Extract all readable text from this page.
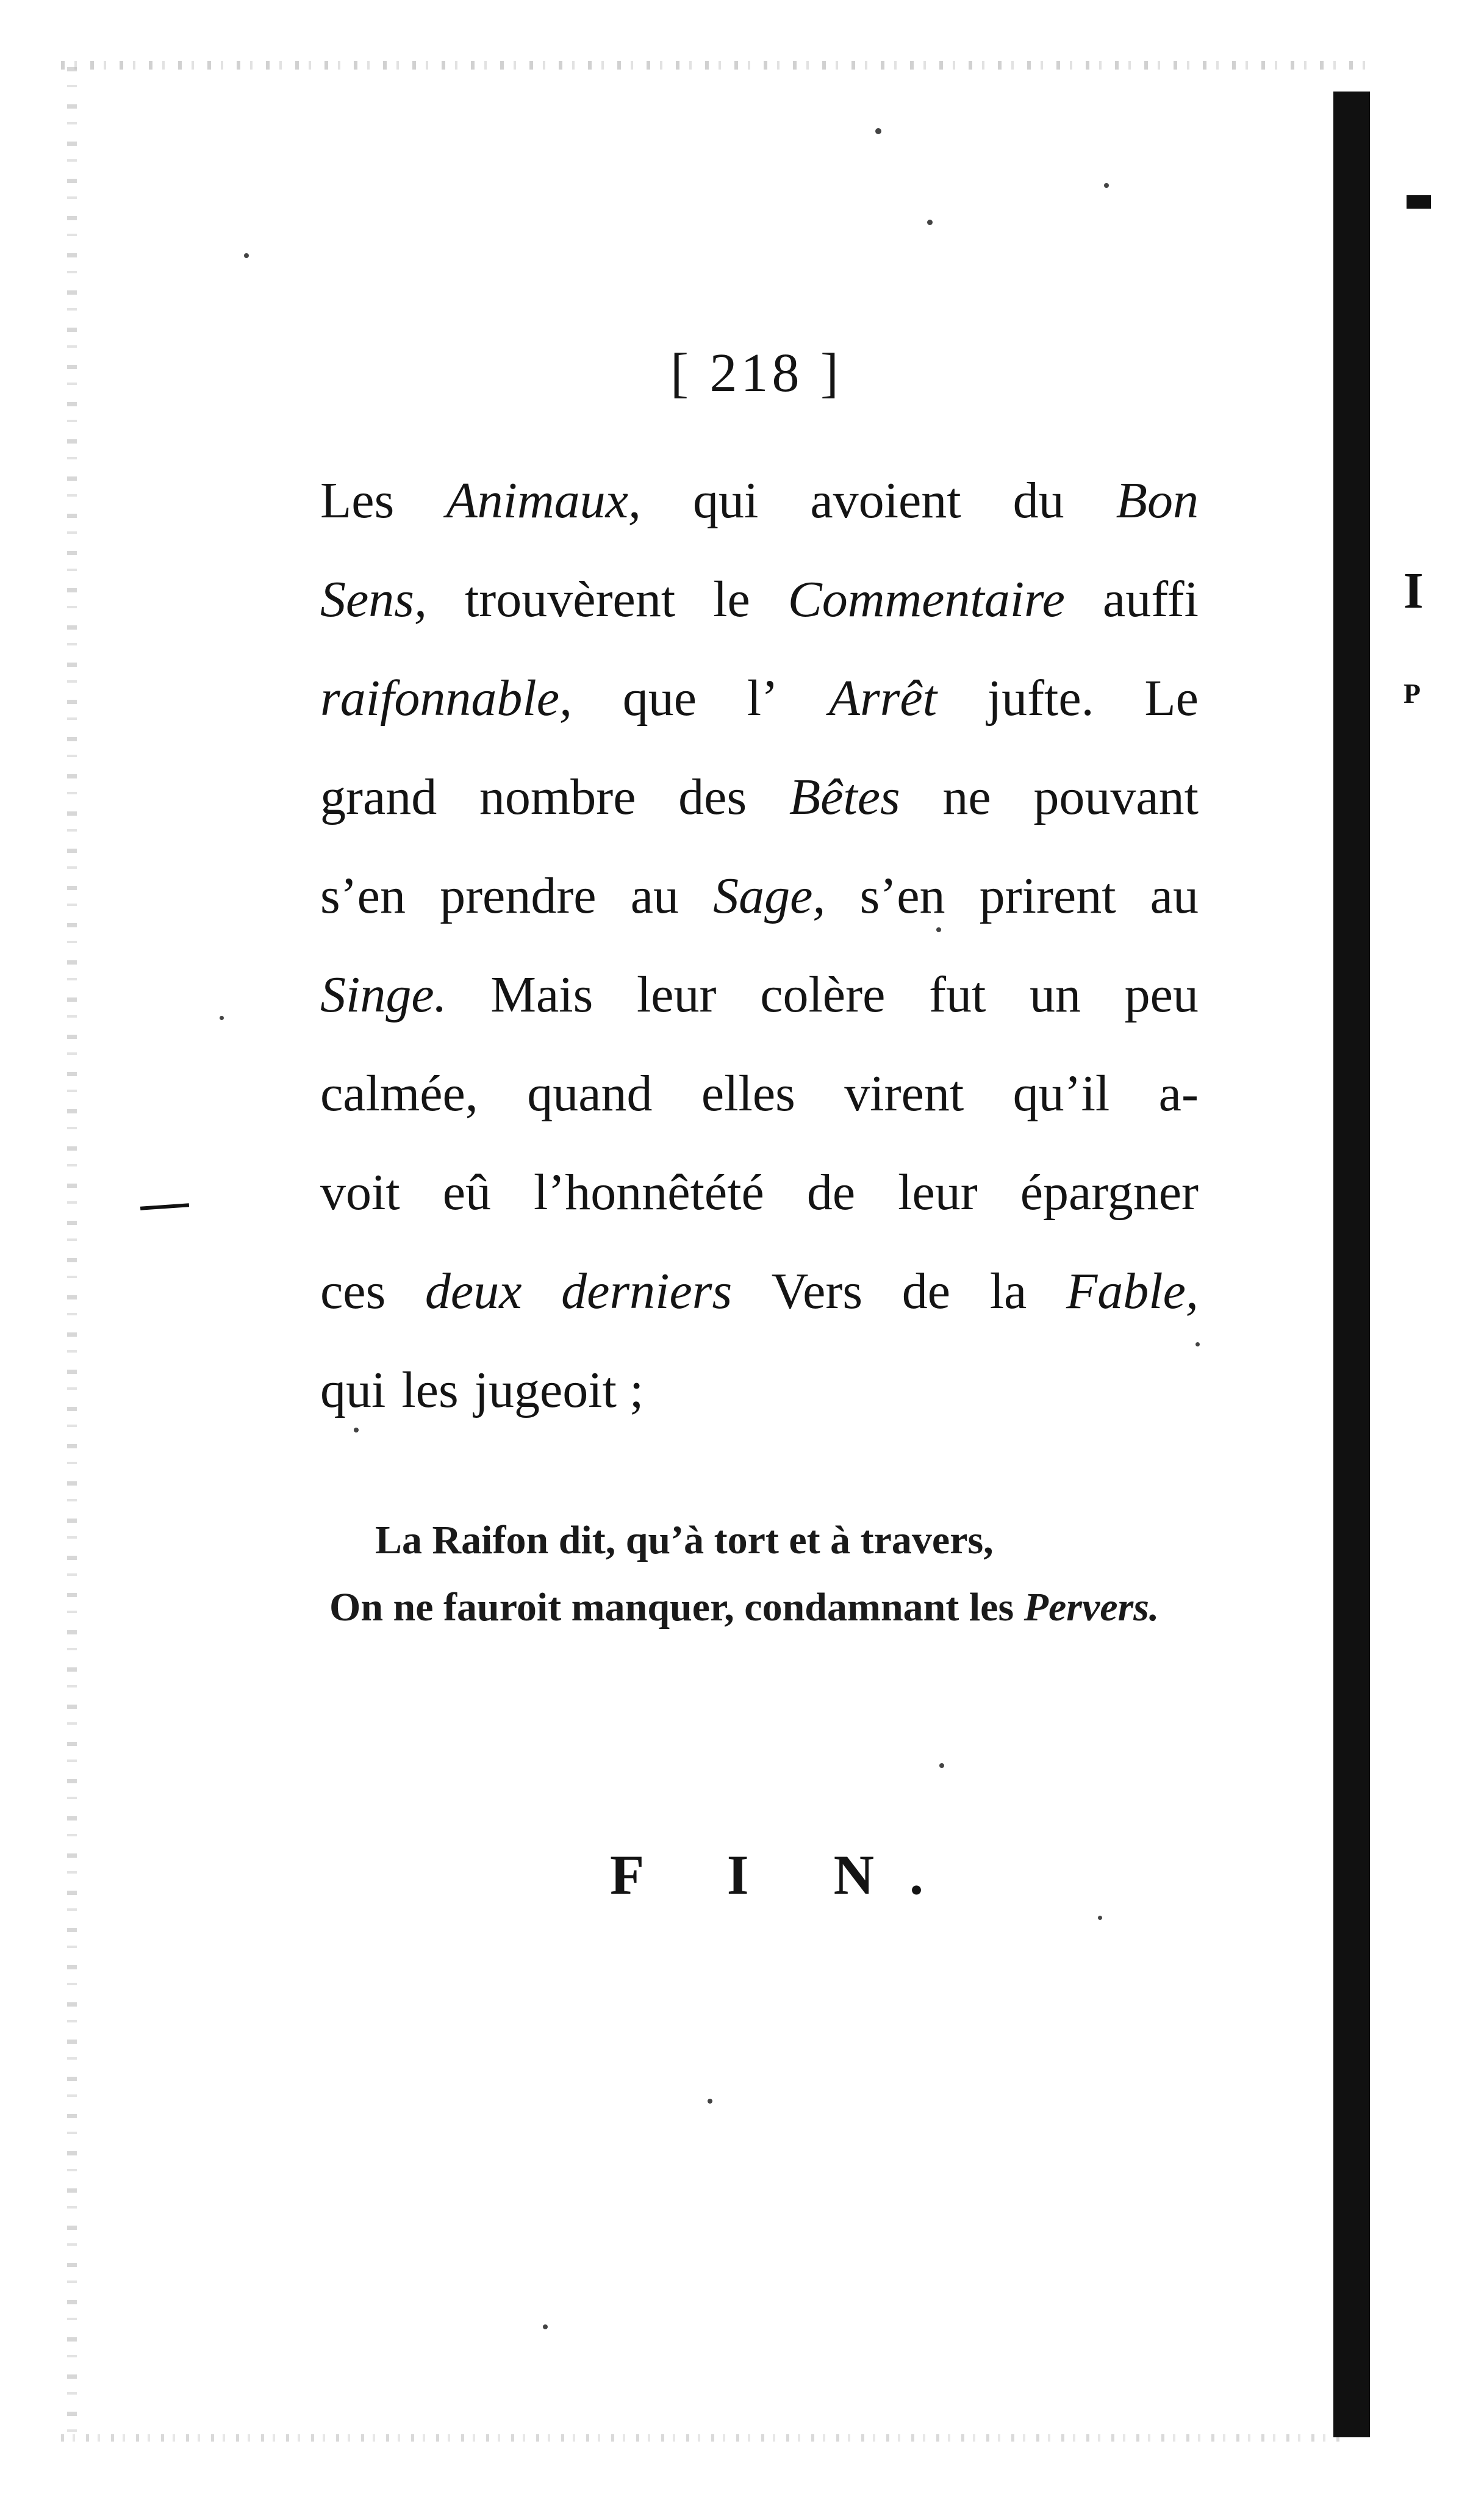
[ 218 ]
Les Animaux, qui avoient du Bon
Sens, trouvèrent le Commentaire auffi
raifonnable, que l’ Arrêt jufte. Le
grand nombre des Bêtes ne pouvant
s’en prendre au Sage, s’en prirent au
Singe. Mais leur colère fut un peu
calmée, quand elles virent qu’il a-
voit eû l’honnêtété de leur épargner
ces deux derniers Vers de la Fable,
qui les jugeoit ;
La Raifon dit, qu’à tort et à travers,
On ne fauroit manquer, condamnant les Pervers.
F I N.
I
P
